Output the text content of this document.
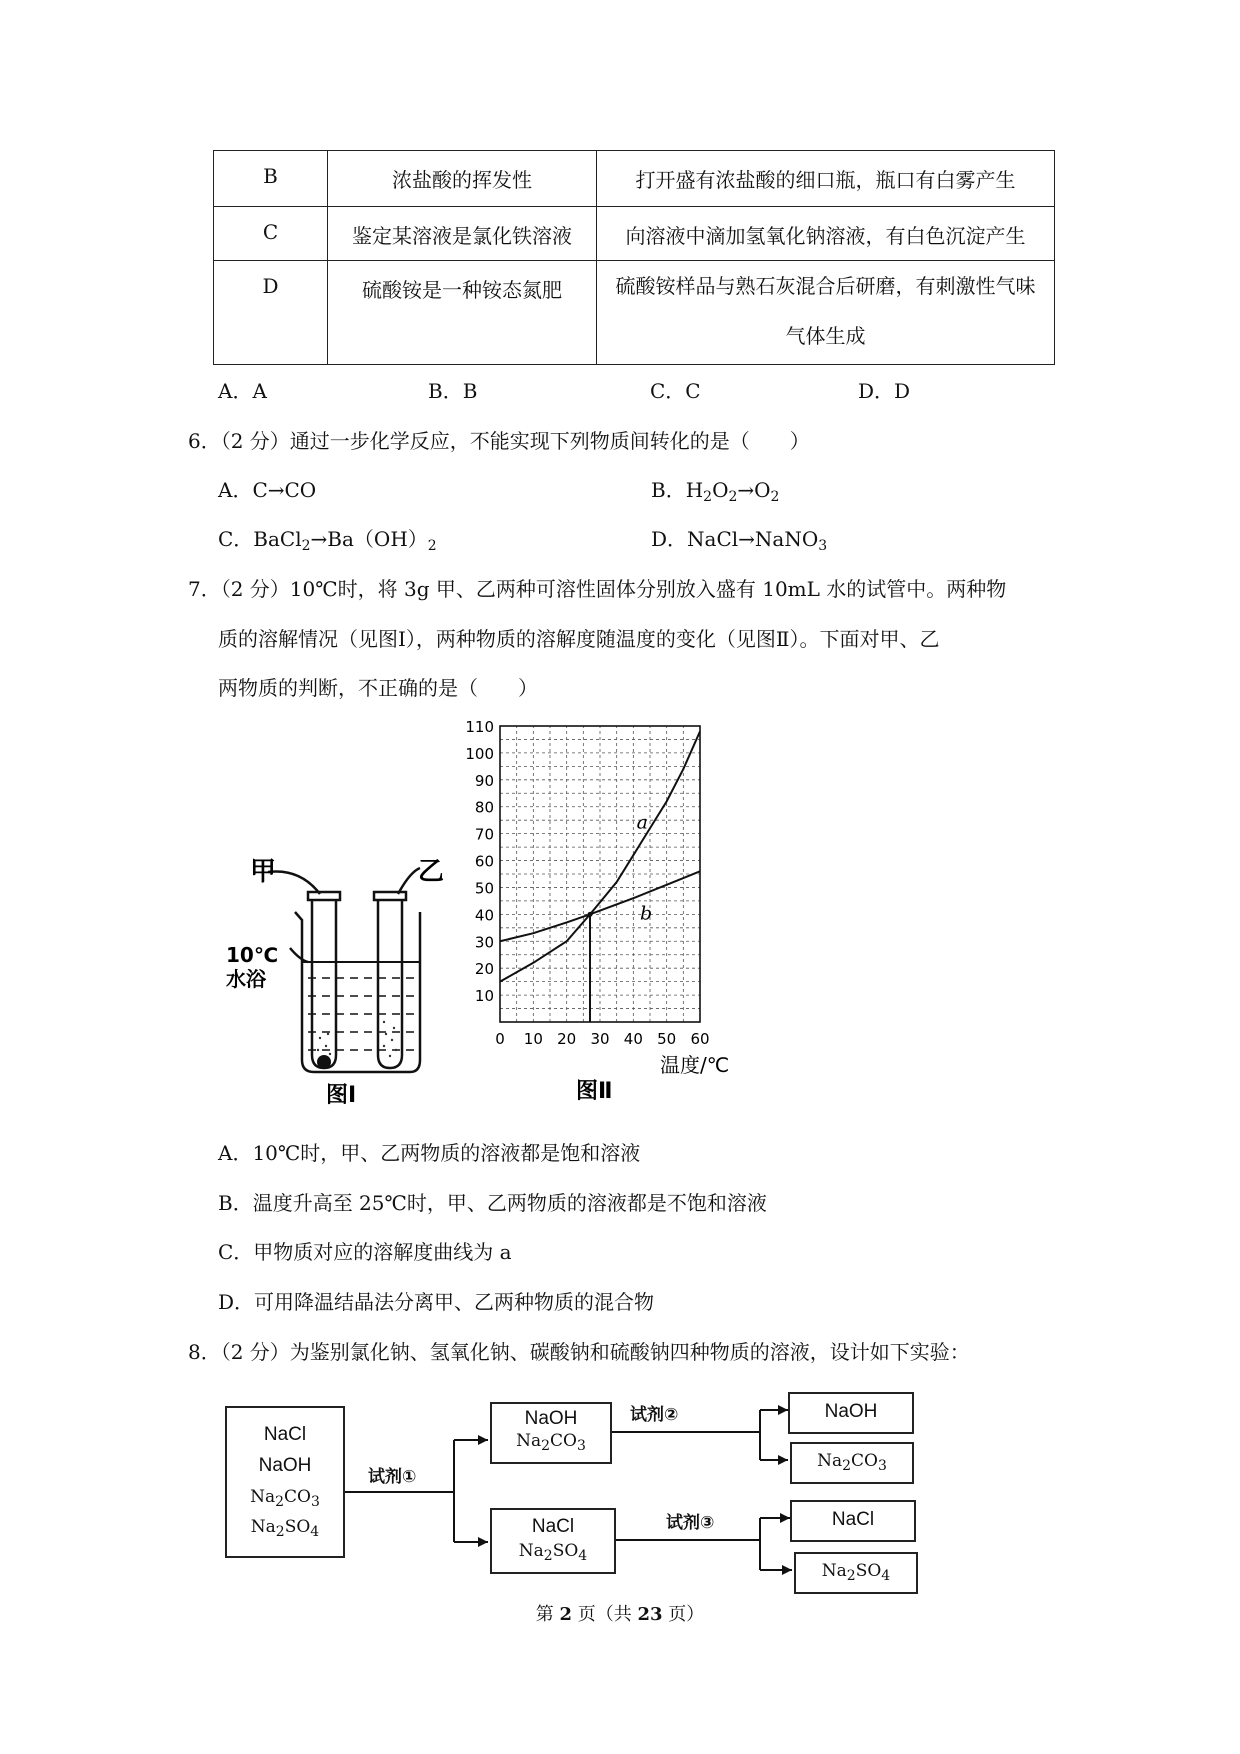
B	浓盐酸的挥发性	打开盛有浓盐酸的细口瓶，瓶口有白雾产生

C	鉴定某溶液是氯化铁溶液	向溶液中滴加氢氧化钠溶液，有白色沉淀产生

D	硫酸铵是一种铵态氮肥	硫酸铵样品与熟石灰混合后研磨，有刺激性气味
气体生成
A．A	B．B	C．C	D．D
6．（2 分）通过一步化学反应，不能实现下列物质间转化的是（　　）
A．C→CO	B．$H_2O_2\to O_2$
C．$BaCl_2\to Ba(OH)_2$	D．NaCl→NaNO$_3$
7．（2 分）10℃时，将 3g 甲、乙两种可溶性固体分别放入盛有 10mL 水的试管中。两种物
质的溶解情况（见图Ⅰ），两种物质的溶解度随温度的变化（见图Ⅱ）。下面对甲、乙
两物质的判断，不正确的是（　　）
甲	乙
10℃
水浴
图Ⅰ
10
20
30
40
50
60
70
80
90
100
110
0 10 20 30 40 50 60
a
b
温度/℃
图Ⅱ
A．10℃时，甲、乙两物质的溶液都是饱和溶液
B．温度升高至 25℃时，甲、乙两物质的溶液都是不饱和溶液
C．甲物质对应的溶解度曲线为 a
D．可用降温结晶法分离甲、乙两种物质的混合物
8．（2 分）为鉴别氯化钠、氢氧化钠、碳酸钠和硫酸钠四种物质的溶液，设计如下实验：
NaCl
NaOH
$Na_2CO_3$
$Na_2SO_4$
试剂①
试剂②
试剂③
NaOH
$Na_2CO_3$
NaCl
$Na_2SO_4$
NaOH
$Na_2CO_3$
NaCl
$Na_2SO_4$
第 2 页（共 23 页）
